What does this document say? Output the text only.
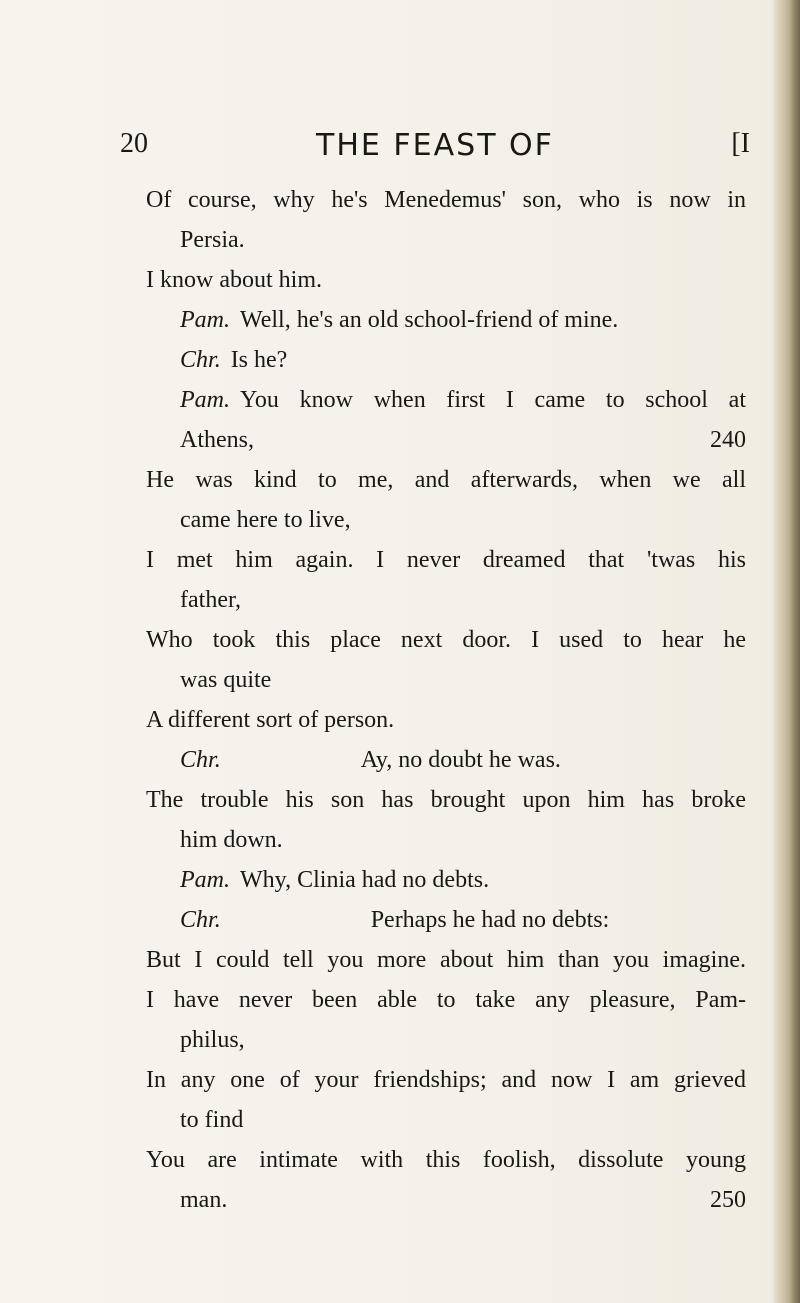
20	THE FEAST OF	[I
Of course, why he's Menedemus' son, who is now in
Persia.
I know about him.
Pam. Well, he's an old school-friend of mine.
Chr. Is he?
Pam. You know when first I came to school at
Athens,	240
He was kind to me, and afterwards, when we all
came here to live,
I met him again. I never dreamed that 'twas his
father,
Who took this place next door. I used to hear he
was quite
A different sort of person.
Chr.	Ay, no doubt he was.
The trouble his son has brought upon him has broke
him down.
Pam. Why, Clinia had no debts.
Chr.	Perhaps he had no debts:
But I could tell you more about him than you imagine.
I have never been able to take any pleasure, Pam-
philus,
In any one of your friendships; and now I am grieved
to find
You are intimate with this foolish, dissolute young
man.	250
